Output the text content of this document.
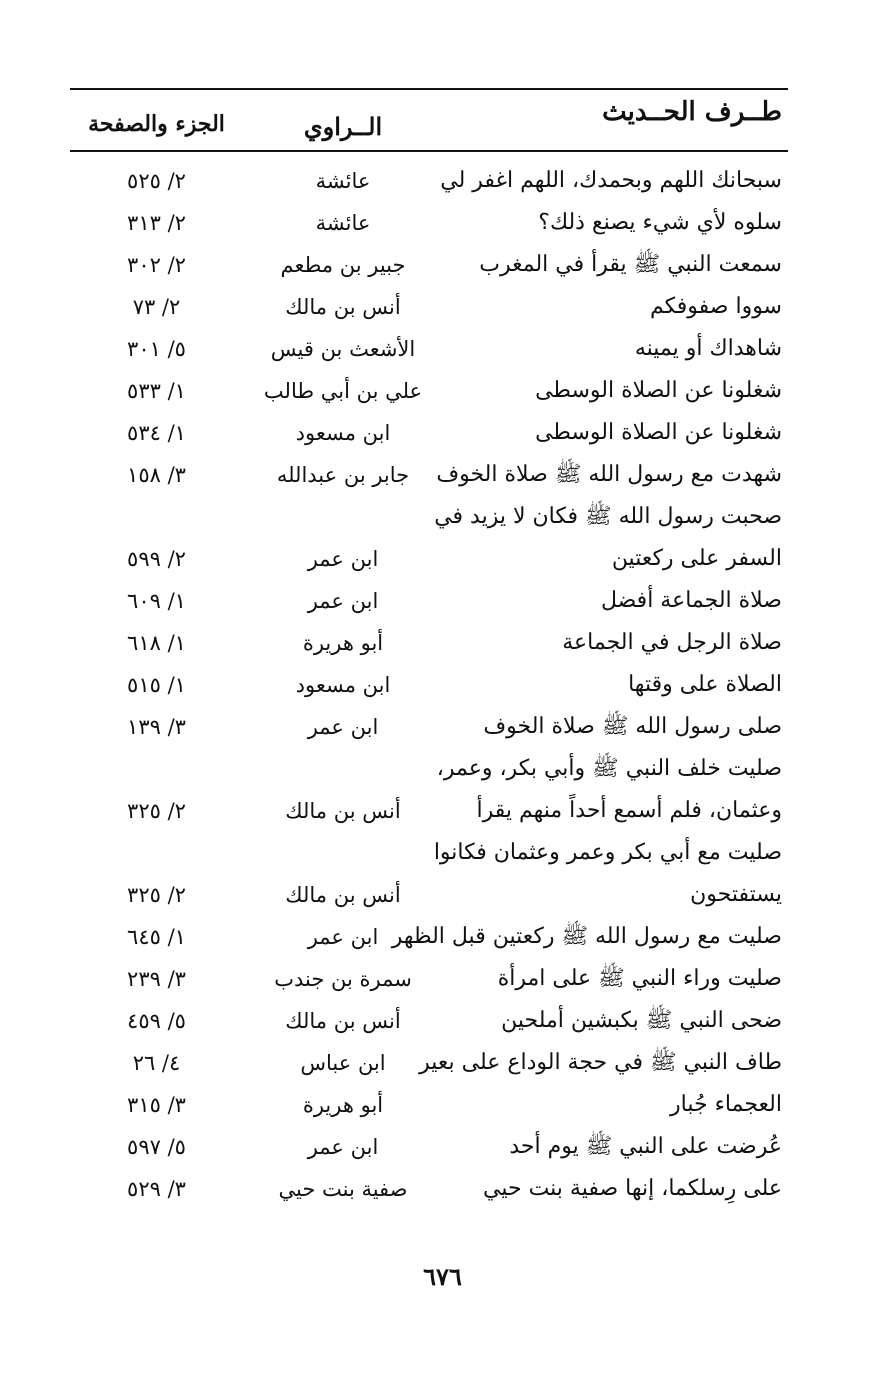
طــرف الحــديث
الــراوي
الجزء والصفحة
سبحانك اللهم وبحمدك، اللهم اغفر لي
عائشة
٢/ ٥٢٥
سلوه لأي شيء يصنع ذلك؟
عائشة
٢/ ٣١٣
سمعت النبي ﷺ يقرأ في المغرب
جبير بن مطعم
٢/ ٣٠٢
سووا صفوفكم
أنس بن مالك
٢/ ٧٣
شاهداك أو يمينه
الأشعث بن قيس
٥/ ٣٠١
شغلونا عن الصلاة الوسطى
علي بن أبي طالب
١/ ٥٣٣
شغلونا عن الصلاة الوسطى
ابن مسعود
١/ ٥٣٤
شهدت مع رسول الله ﷺ صلاة الخوف
جابر بن عبدالله
٣/ ١٥٨
صحبت رسول الله ﷺ فكان لا يزيد في
السفر على ركعتين
ابن عمر
٢/ ٥٩٩
صلاة الجماعة أفضل
ابن عمر
١/ ٦٠٩
صلاة الرجل في الجماعة
أبو هريرة
١/ ٦١٨
الصلاة على وقتها
ابن مسعود
١/ ٥١٥
صلى رسول الله ﷺ صلاة الخوف
ابن عمر
٣/ ١٣٩
صليت خلف النبي ﷺ وأبي بكر، وعمر،
وعثمان، فلم أسمع أحداً منهم يقرأ
أنس بن مالك
٢/ ٣٢٥
صليت مع أبي بكر وعمر وعثمان فكانوا
يستفتحون
أنس بن مالك
٢/ ٣٢٥
صليت مع رسول الله ﷺ ركعتين قبل الظهر
ابن عمر
١/ ٦٤٥
صليت وراء النبي ﷺ على امرأة
سمرة بن جندب
٣/ ٢٣٩
ضحى النبي ﷺ بكبشين أملحين
أنس بن مالك
٥/ ٤٥٩
طاف النبي ﷺ في حجة الوداع على بعير
ابن عباس
٤/ ٢٦
العجماء جُبار
أبو هريرة
٣/ ٣١٥
عُرضت على النبي ﷺ يوم أحد
ابن عمر
٥/ ٥٩٧
على رِسلكما، إنها صفية بنت حيي
صفية بنت حيي
٣/ ٥٢٩
٦٧٦
